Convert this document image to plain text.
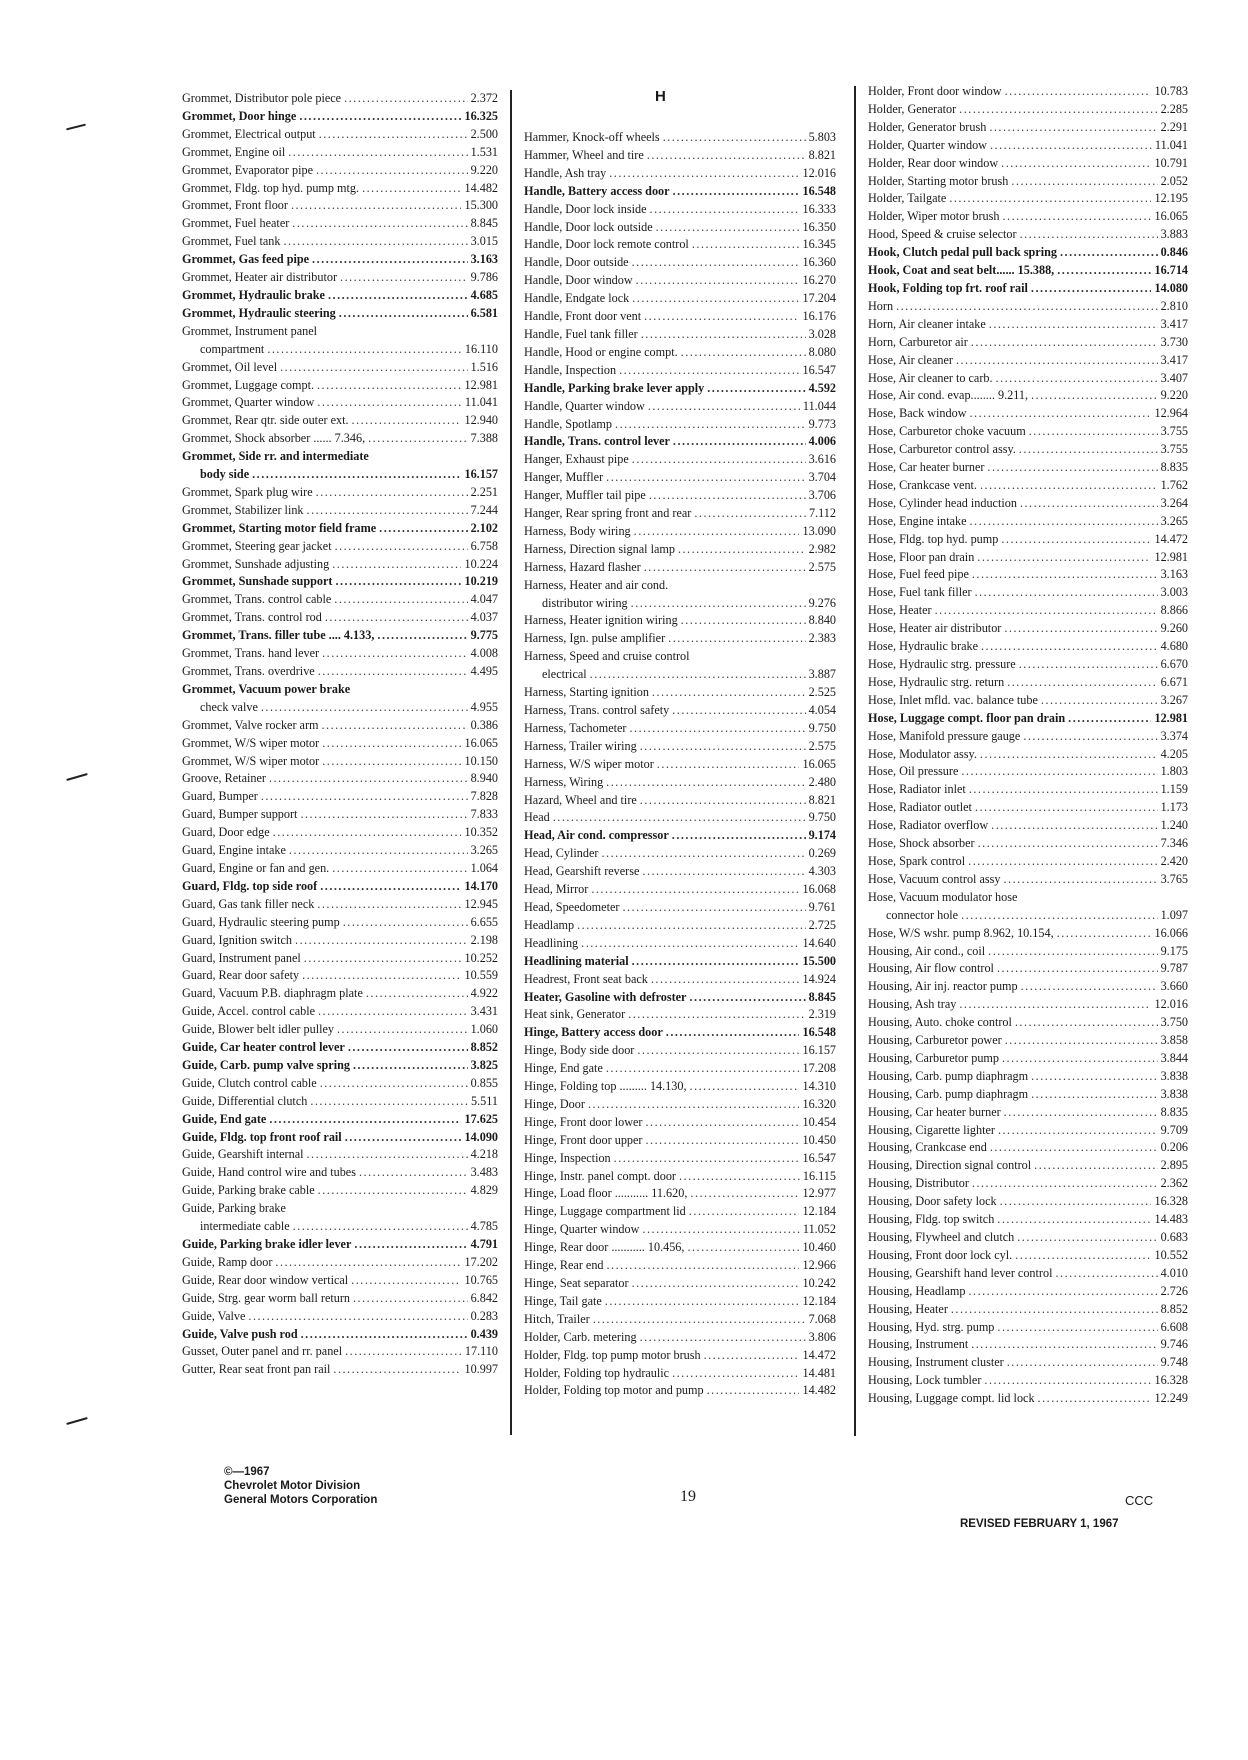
Grommet, Distributor pole piece .....	2.372
Grommet, Door hinge .....	16.325
Grommet, Electrical output .....	2.500
Grommet, Engine oil .....	1.531
Grommet, Evaporator pipe .....	9.220
Grommet, Fldg. top hyd. pump mtg. .....	14.482
Grommet, Front floor .....	15.300
Grommet, Fuel heater .....	8.845
Grommet, Fuel tank .....	3.015
Grommet, Gas feed pipe .....	3.163
Grommet, Heater air distributor .....	9.786
Grommet, Hydraulic brake .....	4.685
Grommet, Hydraulic steering .....	6.581
Grommet, Instrument panel
compartment .....	16.110
Grommet, Oil level .....	1.516
Grommet, Luggage compt. .....	12.981
Grommet, Quarter window .....	11.041
Grommet, Rear qtr. side outer ext. .....	12.940
Grommet, Shock absorber ...... 7.346, .....	7.388
Grommet, Side rr. and intermediate
body side .....	16.157
Grommet, Spark plug wire .....	2.251
Grommet, Stabilizer link .....	7.244
Grommet, Starting motor field frame .....	2.102
Grommet, Steering gear jacket .....	6.758
Grommet, Sunshade adjusting .....	10.224
Grommet, Sunshade support .....	10.219
Grommet, Trans. control cable .....	4.047
Grommet, Trans. control rod .....	4.037
Grommet, Trans. filler tube .... 4.133, .....	9.775
Grommet, Trans. hand lever .....	4.008
Grommet, Trans. overdrive .....	4.495
Grommet, Vacuum power brake
check valve .....	4.955
Grommet, Valve rocker arm .....	0.386
Grommet, W/S wiper motor .....	16.065
Grommet, W/S wiper motor .....	10.150
Groove, Retainer .....	8.940
Guard, Bumper .....	7.828
Guard, Bumper support .....	7.833
Guard, Door edge .....	10.352
Guard, Engine intake .....	3.265
Guard, Engine or fan and gen. .....	1.064
Guard, Fldg. top side roof .....	14.170
Guard, Gas tank filler neck .....	12.945
Guard, Hydraulic steering pump .....	6.655
Guard, Ignition switch .....	2.198
Guard, Instrument panel .....	10.252
Guard, Rear door safety .....	10.559
Guard, Vacuum P.B. diaphragm plate .....	4.922
Guide, Accel. control cable .....	3.431
Guide, Blower belt idler pulley .....	1.060
Guide, Car heater control lever .....	8.852
Guide, Carb. pump valve spring .....	3.825
Guide, Clutch control cable .....	0.855
Guide, Differential clutch .....	5.511
Guide, End gate .....	17.625
Guide, Fldg. top front roof rail .....	14.090
Guide, Gearshift internal .....	4.218
Guide, Hand control wire and tubes .....	3.483
Guide, Parking brake cable .....	4.829
Guide, Parking brake
intermediate cable .....	4.785
Guide, Parking brake idler lever .....	4.791
Guide, Ramp door .....	17.202
Guide, Rear door window vertical .....	10.765
Guide, Strg. gear worm ball return .....	6.842
Guide, Valve .....	0.283
Guide, Valve push rod .....	0.439
Gusset, Outer panel and rr. panel .....	17.110
Gutter, Rear seat front pan rail .....	10.997
H
Hammer, Knock-off wheels .....	5.803
Hammer, Wheel and tire .....	8.821
Handle, Ash tray .....	12.016
Handle, Battery access door .....	16.548
Handle, Door lock inside .....	16.333
Handle, Door lock outside .....	16.350
Handle, Door lock remote control .....	16.345
Handle, Door outside .....	16.360
Handle, Door window .....	16.270
Handle, Endgate lock .....	17.204
Handle, Front door vent .....	16.176
Handle, Fuel tank filler .....	3.028
Handle, Hood or engine compt. .....	8.080
Handle, Inspection .....	16.547
Handle, Parking brake lever apply .....	4.592
Handle, Quarter window .....	11.044
Handle, Spotlamp .....	9.773
Handle, Trans. control lever .....	4.006
Hanger, Exhaust pipe .....	3.616
Hanger, Muffler .....	3.704
Hanger, Muffler tail pipe .....	3.706
Hanger, Rear spring front and rear .....	7.112
Harness, Body wiring .....	13.090
Harness, Direction signal lamp .....	2.982
Harness, Hazard flasher .....	2.575
Harness, Heater and air cond.
distributor wiring .....	9.276
Harness, Heater ignition wiring .....	8.840
Harness, Ign. pulse amplifier .....	2.383
Harness, Speed and cruise control
electrical .....	3.887
Harness, Starting ignition .....	2.525
Harness, Trans. control safety .....	4.054
Harness, Tachometer .....	9.750
Harness, Trailer wiring .....	2.575
Harness, W/S wiper motor .....	16.065
Harness, Wiring .....	2.480
Hazard, Wheel and tire .....	8.821
Head .....	9.750
Head, Air cond. compressor .....	9.174
Head, Cylinder .....	0.269
Head, Gearshift reverse .....	4.303
Head, Mirror .....	16.068
Head, Speedometer .....	9.761
Headlamp .....	2.725
Headlining .....	14.640
Headlining material .....	15.500
Headrest, Front seat back .....	14.924
Heater, Gasoline with defroster .....	8.845
Heat sink, Generator .....	2.319
Hinge, Battery access door .....	16.548
Hinge, Body side door .....	16.157
Hinge, End gate .....	17.208
Hinge, Folding top ......... 14.130, .....	14.310
Hinge, Door .....	16.320
Hinge, Front door lower .....	10.454
Hinge, Front door upper .....	10.450
Hinge, Inspection .....	16.547
Hinge, Instr. panel compt. door .....	16.115
Hinge, Load floor ........... 11.620, .....	12.977
Hinge, Luggage compartment lid .....	12.184
Hinge, Quarter window .....	11.052
Hinge, Rear door ........... 10.456, .....	10.460
Hinge, Rear end .....	12.966
Hinge, Seat separator .....	10.242
Hinge, Tail gate .....	12.184
Hitch, Trailer .....	7.068
Holder, Carb. metering .....	3.806
Holder, Fldg. top pump motor brush .....	14.472
Holder, Folding top hydraulic .....	14.481
Holder, Folding top motor and pump .....	14.482
Holder, Front door window .....	10.783
Holder, Generator .....	2.285
Holder, Generator brush .....	2.291
Holder, Quarter window .....	11.041
Holder, Rear door window .....	10.791
Holder, Starting motor brush .....	2.052
Holder, Tailgate .....	12.195
Holder, Wiper motor brush .....	16.065
Hood, Speed & cruise selector .....	3.883
Hook, Clutch pedal pull back spring .....	0.846
Hook, Coat and seat belt...... 15.388, .....	16.714
Hook, Folding top frt. roof rail .....	14.080
Horn .....	2.810
Horn, Air cleaner intake .....	3.417
Horn, Carburetor air .....	3.730
Hose, Air cleaner .....	3.417
Hose, Air cleaner to carb. .....	3.407
Hose, Air cond. evap........ 9.211, .....	9.220
Hose, Back window .....	12.964
Hose, Carburetor choke vacuum .....	3.755
Hose, Carburetor control assy. .....	3.755
Hose, Car heater burner .....	8.835
Hose, Crankcase vent. .....	1.762
Hose, Cylinder head induction .....	3.264
Hose, Engine intake .....	3.265
Hose, Fldg. top hyd. pump .....	14.472
Hose, Floor pan drain .....	12.981
Hose, Fuel feed pipe .....	3.163
Hose, Fuel tank filler .....	3.003
Hose, Heater .....	8.866
Hose, Heater air distributor .....	9.260
Hose, Hydraulic brake .....	4.680
Hose, Hydraulic strg. pressure .....	6.670
Hose, Hydraulic strg. return .....	6.671
Hose, Inlet mfld. vac. balance tube .....	3.267
Hose, Luggage compt. floor pan drain .....	12.981
Hose, Manifold pressure gauge .....	3.374
Hose, Modulator assy. .....	4.205
Hose, Oil pressure .....	1.803
Hose, Radiator inlet .....	1.159
Hose, Radiator outlet .....	1.173
Hose, Radiator overflow .....	1.240
Hose, Shock absorber .....	7.346
Hose, Spark control .....	2.420
Hose, Vacuum control assy .....	3.765
Hose, Vacuum modulator hose
connector hole .....	1.097
Hose, W/S wshr. pump 8.962, 10.154, .....	16.066
Housing, Air cond., coil .....	9.175
Housing, Air flow control .....	9.787
Housing, Air inj. reactor pump .....	3.660
Housing, Ash tray .....	12.016
Housing, Auto. choke control .....	3.750
Housing, Carburetor power .....	3.858
Housing, Carburetor pump .....	3.844
Housing, Carb. pump diaphragm .....	3.838
Housing, Carb. pump diaphragm .....	3.838
Housing, Car heater burner .....	8.835
Housing, Cigarette lighter .....	9.709
Housing, Crankcase end .....	0.206
Housing, Direction signal control .....	2.895
Housing, Distributor .....	2.362
Housing, Door safety lock .....	16.328
Housing, Fldg. top switch .....	14.483
Housing, Flywheel and clutch .....	0.683
Housing, Front door lock cyl. .....	10.552
Housing, Gearshift hand lever control .....	4.010
Housing, Headlamp .....	2.726
Housing, Heater .....	8.852
Housing, Hyd. strg. pump .....	6.608
Housing, Instrument .....	9.746
Housing, Instrument cluster .....	9.748
Housing, Lock tumbler .....	16.328
Housing, Luggage compt. lid lock .....	12.249
©—1967
Chevrolet Motor Division
General Motors Corporation	19	CCC
REVISED FEBRUARY 1, 1967
